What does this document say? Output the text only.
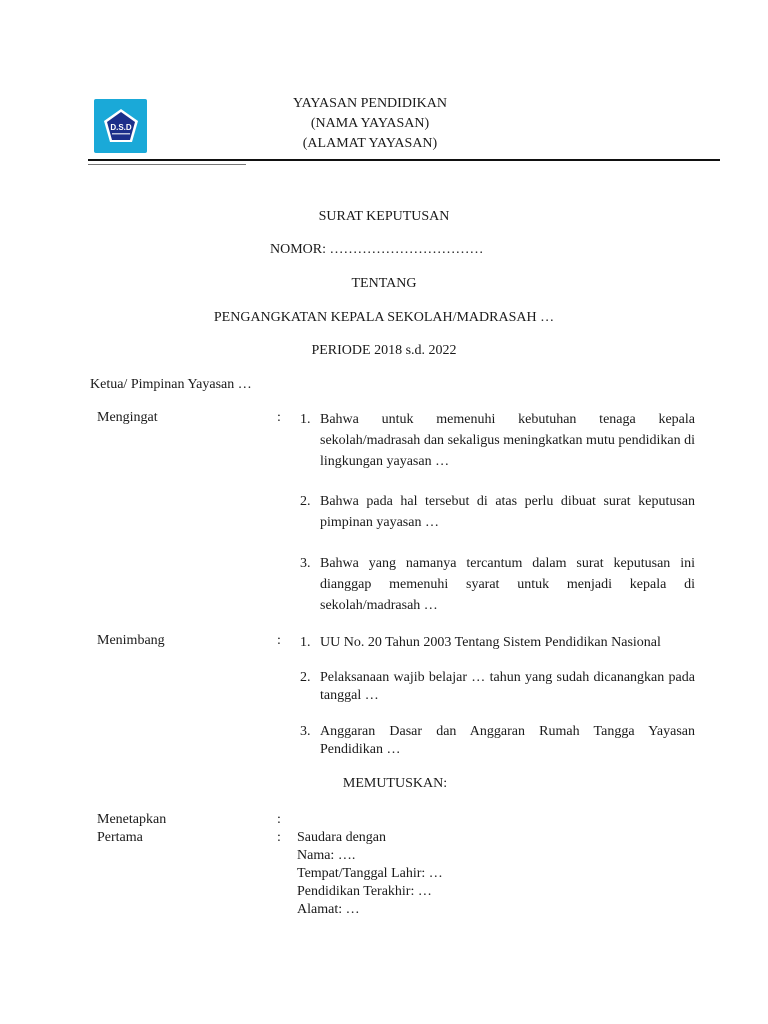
D.S.D
YAYASAN PENDIDIKAN
(NAMA YAYASAN)
(ALAMAT YAYASAN)
SURAT KEPUTUSAN
NOMOR: ……………………………
TENTANG
PENGANGKATAN KEPALA SEKOLAH/MADRASAH …
PERIODE 2018 s.d. 2022
Ketua/ Pimpinan Yayasan …
Mengingat	: 1. Bahwa untuk memenuhi kebutuhan tenaga kepala sekolah/madrasah dan sekaligus meningkatkan mutu pendidikan di lingkungan yayasan …
2. Bahwa pada hal tersebut di atas perlu dibuat surat keputusan pimpinan yayasan …
3. Bahwa yang namanya tercantum dalam surat keputusan ini dianggap memenuhi syarat untuk menjadi kepala di sekolah/madrasah …
Menimbang	: 1. UU No. 20 Tahun 2003 Tentang Sistem Pendidikan Nasional
2. Pelaksanaan wajib belajar … tahun yang sudah dicanangkan pada tanggal …
3. Anggaran Dasar dan Anggaran Rumah Tangga Yayasan Pendidikan …
MEMUTUSKAN:
Menetapkan	:
Pertama	: Saudara dengan
Nama: ….
Tempat/Tanggal Lahir: …
Pendidikan Terakhir: …
Alamat: …
